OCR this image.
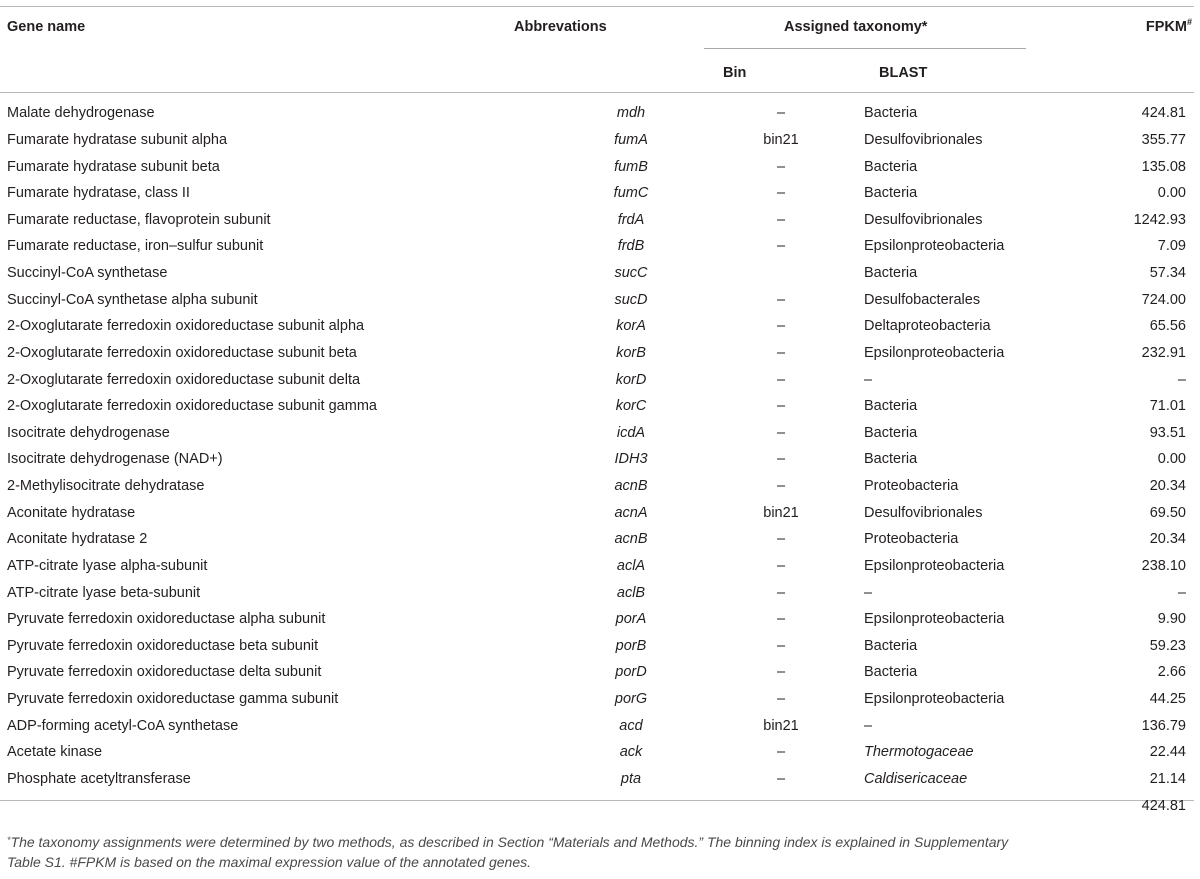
Gene name	Abbrevations	Assigned taxonomy*	FPKM#
Bin	BLAST
Malate dehydrogenase	mdh	–	Bacteria	424.81
Fumarate hydratase subunit alpha	fumA	bin21	Desulfovibrionales	355.77
Fumarate hydratase subunit beta	fumB	–	Bacteria	135.08
Fumarate hydratase, class II	fumC	–	Bacteria	0.00
Fumarate reductase, flavoprotein subunit	frdA	–	Desulfovibrionales	1242.93
Fumarate reductase, iron–sulfur subunit	frdB	–	Epsilonproteobacteria	7.09
Succinyl-CoA synthetase	sucC		Bacteria	57.34
Succinyl-CoA synthetase alpha subunit	sucD	–	Desulfobacterales	724.00
2-Oxoglutarate ferredoxin oxidoreductase subunit alpha	korA	–	Deltaproteobacteria	65.56
2-Oxoglutarate ferredoxin oxidoreductase subunit beta	korB	–	Epsilonproteobacteria	232.91
2-Oxoglutarate ferredoxin oxidoreductase subunit delta	korD	–	–	–
2-Oxoglutarate ferredoxin oxidoreductase subunit gamma	korC	–	Bacteria	71.01
Isocitrate dehydrogenase	icdA	–	Bacteria	93.51
Isocitrate dehydrogenase (NAD+)	IDH3	–	Bacteria	0.00
2-Methylisocitrate dehydratase	acnB	–	Proteobacteria	20.34
Aconitate hydratase	acnA	bin21	Desulfovibrionales	69.50
Aconitate hydratase 2	acnB	–	Proteobacteria	20.34
ATP-citrate lyase alpha-subunit	aclA	–	Epsilonproteobacteria	238.10
ATP-citrate lyase beta-subunit	aclB	–	–	–
Pyruvate ferredoxin oxidoreductase alpha subunit	porA	–	Epsilonproteobacteria	9.90
Pyruvate ferredoxin oxidoreductase beta subunit	porB	–	Bacteria	59.23
Pyruvate ferredoxin oxidoreductase delta subunit	porD	–	Bacteria	2.66
Pyruvate ferredoxin oxidoreductase gamma subunit	porG	–	Epsilonproteobacteria	44.25
ADP-forming acetyl-CoA synthetase	acd	bin21	–	136.79
Acetate kinase	ack	–	Thermotogaceae	22.44
Phosphate acetyltransferase	pta	–	Caldisericaceae	21.14
				424.81
*The taxonomy assignments were determined by two methods, as described in Section “Materials and Methods.” The binning index is explained in Supplementary
Table S1. #FPKM is based on the maximal expression value of the annotated genes.
